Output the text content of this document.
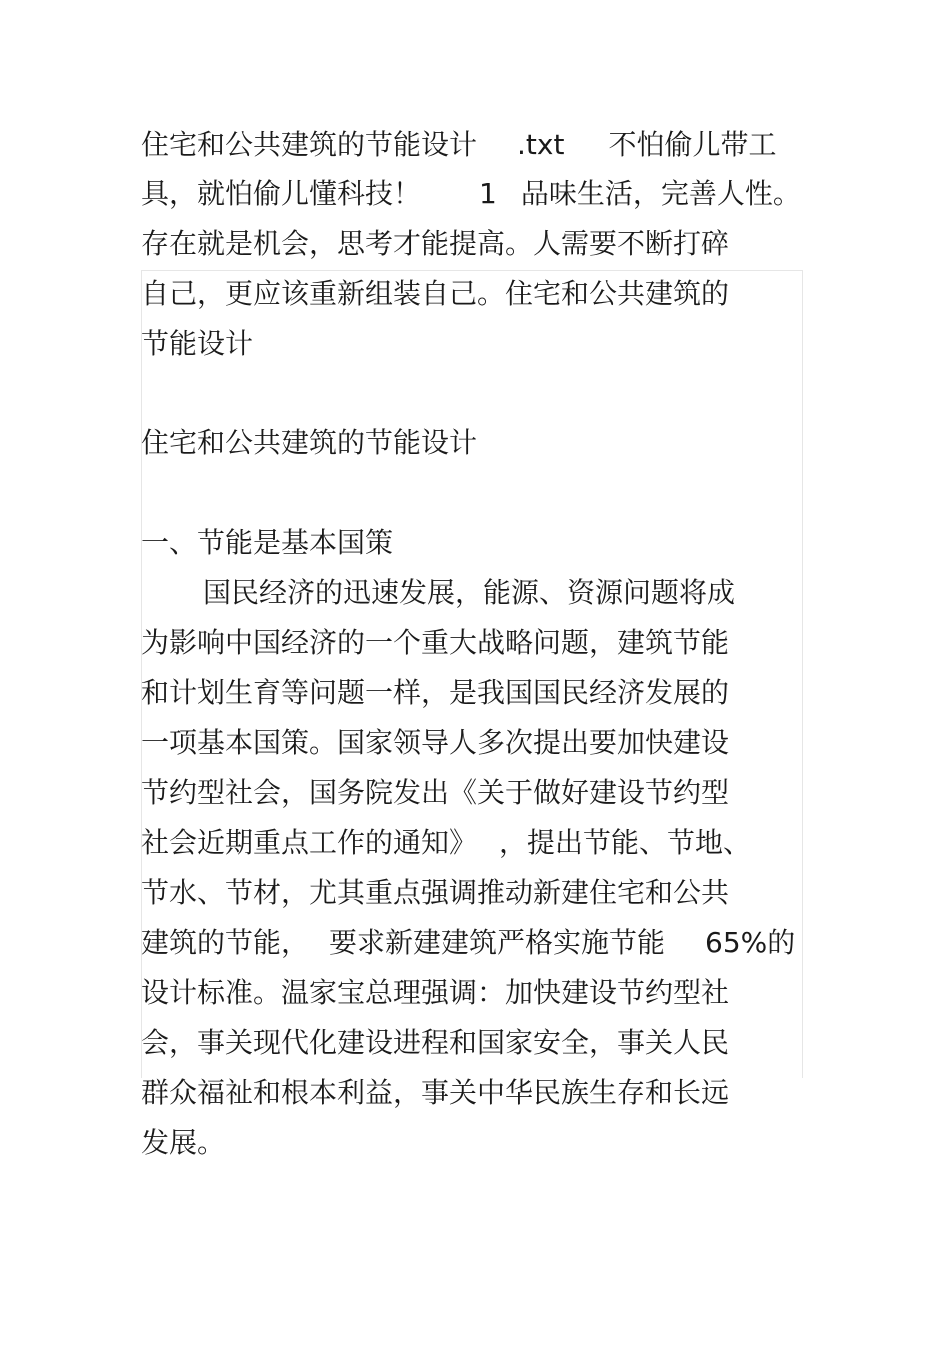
住宅和公共建筑的节能设计 .txt 不怕偷儿带工
具，就怕偷儿懂科技！ 1 品味生活，完善人性。
存在就是机会，思考才能提高。人需要不断打碎
自己，更应该重新组装自己。住宅和公共建筑的
节能设计
住宅和公共建筑的节能设计
一、节能是基本国策
国民经济的迅速发展，能源、资源问题将成
为影响中国经济的一个重大战略问题，建筑节能
和计划生育等问题一样，是我国国民经济发展的
一项基本国策。国家领导人多次提出要加快建设
节约型社会，国务院发出《关于做好建设节约型
社会近期重点工作的通知》 ，提出节能、节地、
节水、节材，尤其重点强调推动新建住宅和公共
建筑的节能， 要求新建建筑严格实施节能 65%的
设计标准。温家宝总理强调：加快建设节约型社
会，事关现代化建设进程和国家安全，事关人民
群众福祉和根本利益，事关中华民族生存和长远
发展。
